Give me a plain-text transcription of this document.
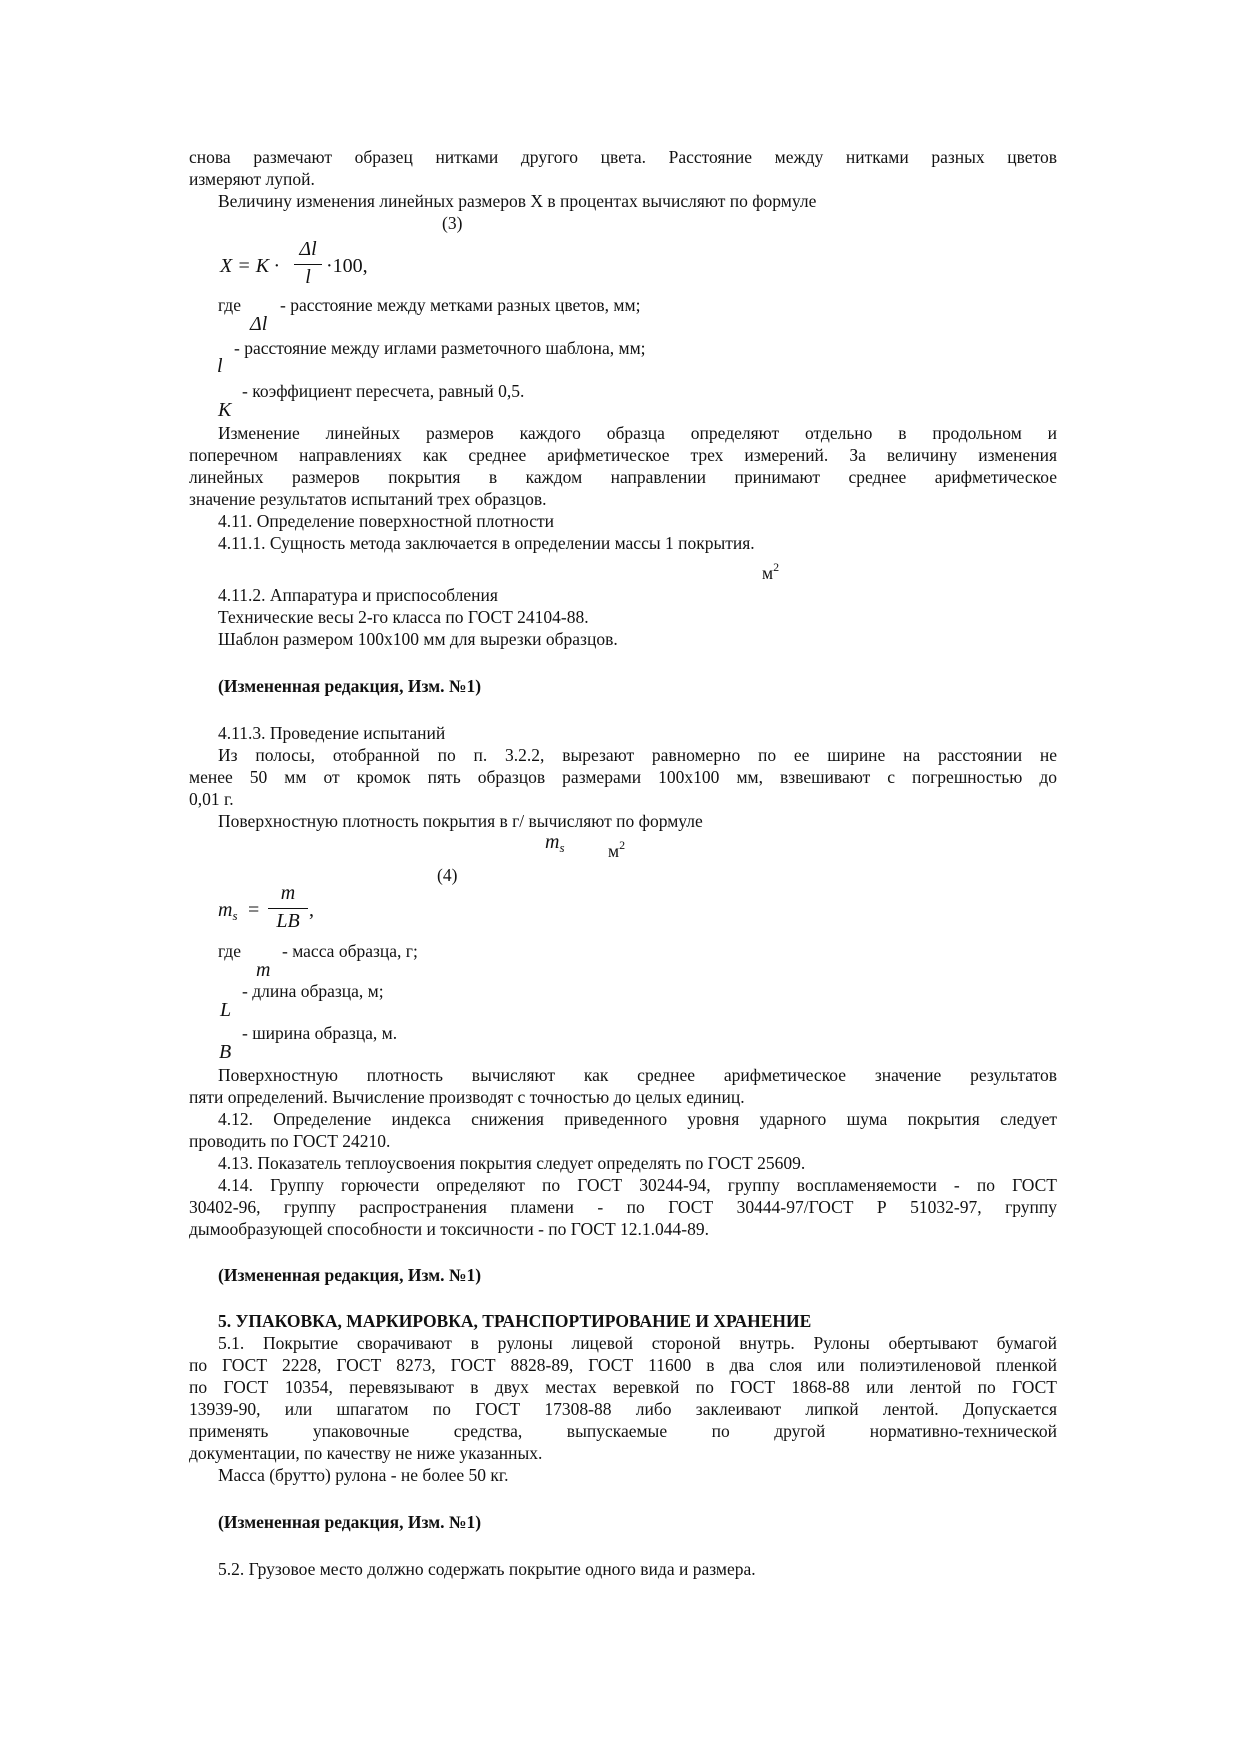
снова размечают образец нитками другого цвета. Расстояние между нитками разных цветов
измеряют лупой.
Величину изменения линейных размеров X в процентах вычисляют по формуле
(3)
X = K ·
Δl
l ·100,
где - расстояние между метками разных цветов, мм;
Δl
- расстояние между иглами разметочного шаблона, мм;
l
- коэффициент пересчета, равный 0,5.
K
Изменение линейных размеров каждого образца определяют отдельно в продольном и
поперечном направлениях как среднее арифметическое трех измерений. За величину изменения
линейных размеров покрытия в каждом направлении принимают среднее арифметическое
значение результатов испытаний трех образцов.
4.11. Определение поверхностной плотности
4.11.1. Сущность метода заключается в определении массы 1 покрытия.
$м^2$
4.11.2. Аппаратура и приспособления
Технические весы 2-го класса по ГОСТ 24104-88.
Шаблон размером 100x100 мм для вырезки образцов.
(Измененная редакция, Изм. №1)
4.11.3. Проведение испытаний
Из полосы, отобранной по п. 3.2.2, вырезают равномерно по ее ширине на расстоянии не
менее 50 мм от кромок пять образцов размерами 100x100 мм, взвешивают с погрешностью до
0,01 г.
Поверхностную плотность покрытия в г/ вычисляют по формуле
$m_s$ $м^2$
(4)
$m_s$ =
m
LB ,
где - масса образца, г;
m
- длина образца, м;
L
- ширина образца, м.
B
Поверхностную плотность вычисляют как среднее арифметическое значение результатов
пяти определений. Вычисление производят с точностью до целых единиц.
4.12. Определение индекса снижения приведенного уровня ударного шума покрытия следует
проводить по ГОСТ 24210.
4.13. Показатель теплоусвоения покрытия следует определять по ГОСТ 25609.
4.14. Группу горючести определяют по ГОСТ 30244-94, группу воспламеняемости - по ГОСТ
30402-96, группу распространения пламени - по ГОСТ 30444-97/ГОСТ Р 51032-97, группу
дымообразующей способности и токсичности - по ГОСТ 12.1.044-89.
(Измененная редакция, Изм. №1)
5. УПАКОВКА, МАРКИРОВКА, ТРАНСПОРТИРОВАНИЕ И ХРАНЕНИЕ
5.1. Покрытие сворачивают в рулоны лицевой стороной внутрь. Рулоны обертывают бумагой
по ГОСТ 2228, ГОСТ 8273, ГОСТ 8828-89, ГОСТ 11600 в два слоя или полиэтиленовой пленкой
по ГОСТ 10354, перевязывают в двух местах веревкой по ГОСТ 1868-88 или лентой по ГОСТ
13939-90, или шпагатом по ГОСТ 17308-88 либо заклеивают липкой лентой. Допускается
применять упаковочные средства, выпускаемые по другой нормативно-технической
документации, по качеству не ниже указанных.
Масса (брутто) рулона - не более 50 кг.
(Измененная редакция, Изм. №1)
5.2. Грузовое место должно содержать покрытие одного вида и размера.
